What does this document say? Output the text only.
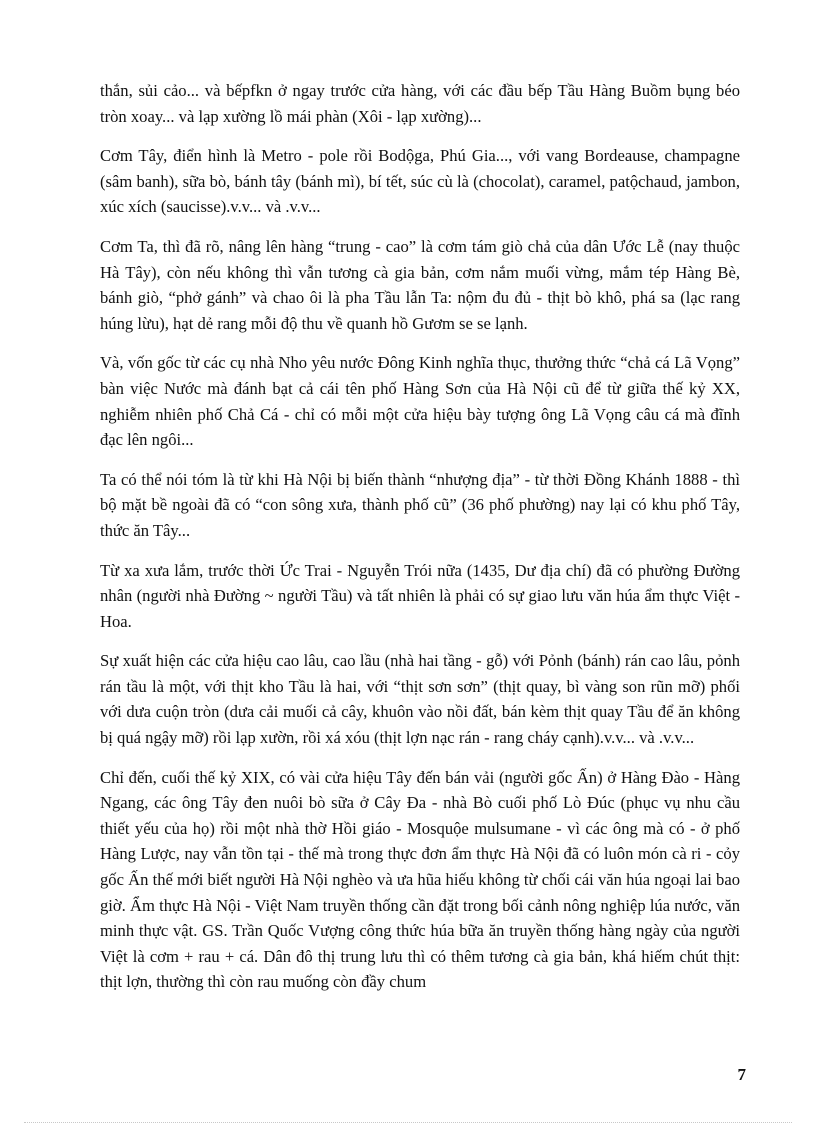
thắn, sủi cảo... và bếpfkn ở ngay trước cửa hàng, với các đầu bếp Tầu Hàng Buồm bụng béo tròn xoay... và lạp xường lồ mái phàn (Xôi - lạp xường)...

Cơm Tây, điển hình là Metro - pole rồi Bodộga, Phú Gia..., với vang Bordeause, champagne (sâm banh), sữa bò, bánh tây (bánh mì), bí tết, súc cù là (chocolat), caramel, patộchaud, jambon, xúc xích (saucisse).v.v... và .v.v...

Cơm Ta, thì đã rõ, nâng lên hàng “trung - cao” là cơm tám giò chả của dân Ước Lễ (nay thuộc Hà Tây), còn nếu không thì vẫn tương cà gia bản, cơm nắm muối vừng, mắm tép Hàng Bè, bánh giò, “phở gánh” và chao ôi là pha Tầu lẫn Ta: nộm đu đủ - thịt bò khô, phá sa (lạc rang húng lừu), hạt dẻ rang mỗi độ thu về quanh hồ Gươm se se lạnh.

Và, vốn gốc từ các cụ nhà Nho yêu nước Đông Kinh nghĩa thục, thưởng thức “chả cá Lã Vọng” bàn việc Nước mà đánh bạt cả cái tên phố Hàng Sơn của Hà Nội cũ để từ giữa thế kỷ XX, nghiễm nhiên phố Chả Cá - chỉ có mỗi một cửa hiệu bày tượng ông Lã Vọng câu cá mà đĩnh đạc lên ngôi...

Ta có thể nói tóm là từ khi Hà Nội bị biến thành “nhượng địa” - từ thời Đồng Khánh 1888 - thì bộ mặt bề ngoài đã có “con sông xưa, thành phố cũ” (36 phố phường) nay lại có khu phố Tây, thức ăn Tây...

Từ xa xưa lắm, trước thời Ức Trai - Nguyễn Trói nữa (1435, Dư địa chí) đã có phường Đường nhân (người nhà Đường ~ người Tầu) và tất nhiên là phải có sự giao lưu văn húa ẩm thực Việt - Hoa.

Sự xuất hiện các cửa hiệu cao lâu, cao lầu (nhà hai tầng - gỗ) với Pỏnh (bánh) rán cao lâu, pỏnh rán tầu là một, với thịt kho Tầu là hai, với “thịt sơn sơn” (thịt quay, bì vàng son rũn mỡ) phối với dưa cuộn tròn (dưa cải muối cả cây, khuôn vào nồi đất, bán kèm thịt quay Tầu để ăn không bị quá ngậy mỡ) rồi lạp xườn, rồi xá xóu (thịt lợn nạc rán - rang cháy cạnh).v.v... và .v.v...

Chỉ đến, cuối thế kỷ XIX, có vài cửa hiệu Tây đến bán vải (người gốc Ấn) ở Hàng Đào - Hàng Ngang, các ông Tây đen nuôi bò sữa ở Cây Đa - nhà Bò cuối phố Lò Đúc (phục vụ nhu cầu thiết yếu của họ) rồi một nhà thờ Hồi giáo - Mosquộe mulsumane - vì các ông mà có - ở phố Hàng Lược, nay vẫn tồn tại - thế mà trong thực đơn ẩm thực Hà Nội đã có luôn món cà ri - cỏy gốc Ấn thế mới biết người Hà Nội nghèo và ưa hũa hiếu không từ chối cái văn húa ngoại lai bao giờ. Ẩm thực Hà Nội - Việt Nam truyền thống cần đặt trong bối cảnh nông nghiệp lúa nước, văn minh thực vật. GS. Trần Quốc Vượng công thức húa bữa ăn truyền thống hàng ngày của người Việt là cơm + rau + cá. Dân đô thị trung lưu thì có thêm tương cà gia bản, khá hiếm chút thịt: thịt lợn, thường thì còn rau muống còn đầy chum

7
